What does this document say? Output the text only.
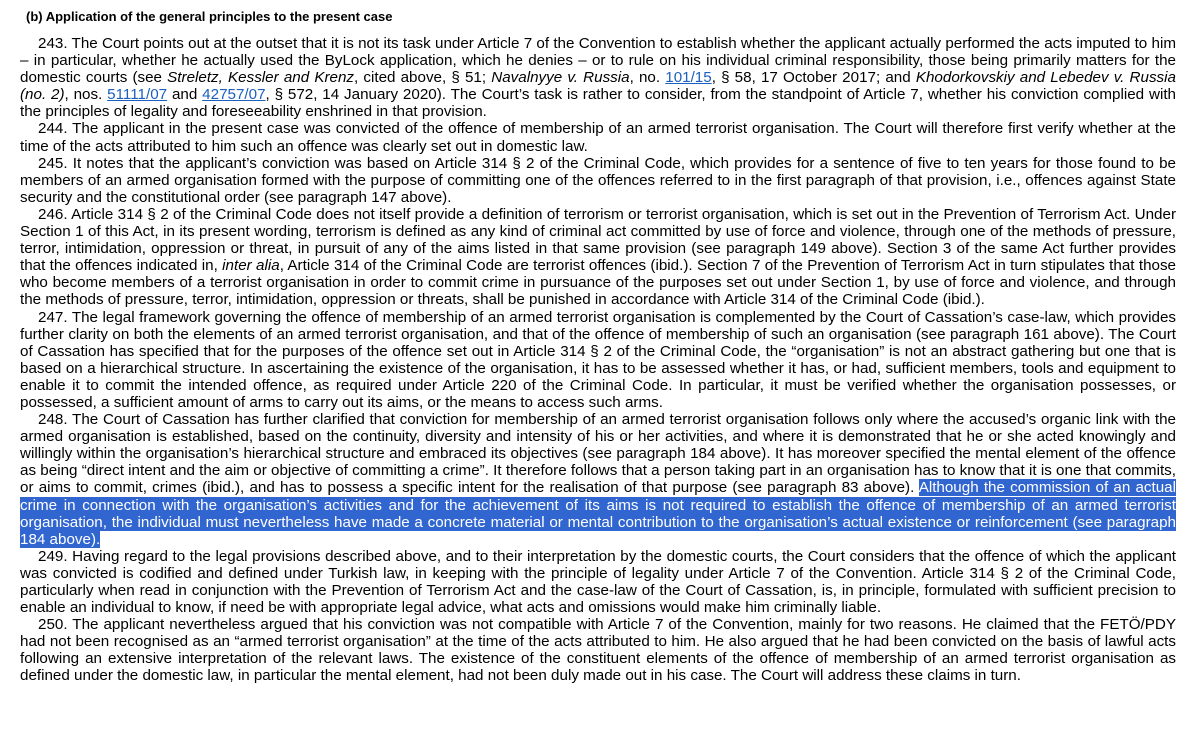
(b) Application of the general principles to the present case

243. The Court points out at the outset that it is not its task under Article 7 of the Convention to establish whether the applicant actually performed the acts imputed to him – in particular, whether he actually used the ByLock application, which he denies – or to rule on his individual criminal responsibility, those being primarily matters for the domestic courts (see Streletz, Kessler and Krenz, cited above, § 51; Navalnyye v. Russia, no. 101/15, § 58, 17 October 2017; and Khodorkovskiy and Lebedev v. Russia (no. 2), nos. 51111/07 and 42757/07, § 572, 14 January 2020). The Court’s task is rather to consider, from the standpoint of Article 7, whether his conviction complied with the principles of legality and foreseeability enshrined in that provision.

244. The applicant in the present case was convicted of the offence of membership of an armed terrorist organisation. The Court will therefore first verify whether at the time of the acts attributed to him such an offence was clearly set out in domestic law.

245. It notes that the applicant’s conviction was based on Article 314 § 2 of the Criminal Code, which provides for a sentence of five to ten years for those found to be members of an armed organisation formed with the purpose of committing one of the offences referred to in the first paragraph of that provision, i.e., offences against State security and the constitutional order (see paragraph 147 above).

246. Article 314 § 2 of the Criminal Code does not itself provide a definition of terrorism or terrorist organisation, which is set out in the Prevention of Terrorism Act. Under Section 1 of this Act, in its present wording, terrorism is defined as any kind of criminal act committed by use of force and violence, through one of the methods of pressure, terror, intimidation, oppression or threat, in pursuit of any of the aims listed in that same provision (see paragraph 149 above). Section 3 of the same Act further provides that the offences indicated in, inter alia, Article 314 of the Criminal Code are terrorist offences (ibid.). Section 7 of the Prevention of Terrorism Act in turn stipulates that those who become members of a terrorist organisation in order to commit crime in pursuance of the purposes set out under Section 1, by use of force and violence, and through the methods of pressure, terror, intimidation, oppression or threats, shall be punished in accordance with Article 314 of the Criminal Code (ibid.).

247. The legal framework governing the offence of membership of an armed terrorist organisation is complemented by the Court of Cassation’s case-law, which provides further clarity on both the elements of an armed terrorist organisation, and that of the offence of membership of such an organisation (see paragraph 161 above). The Court of Cassation has specified that for the purposes of the offence set out in Article 314 § 2 of the Criminal Code, the “organisation” is not an abstract gathering but one that is based on a hierarchical structure. In ascertaining the existence of the organisation, it has to be assessed whether it has, or had, sufficient members, tools and equipment to enable it to commit the intended offence, as required under Article 220 of the Criminal Code. In particular, it must be verified whether the organisation possesses, or possessed, a sufficient amount of arms to carry out its aims, or the means to access such arms.

248. The Court of Cassation has further clarified that conviction for membership of an armed terrorist organisation follows only where the accused’s organic link with the armed organisation is established, based on the continuity, diversity and intensity of his or her activities, and where it is demonstrated that he or she acted knowingly and willingly within the organisation’s hierarchical structure and embraced its objectives (see paragraph 184 above). It has moreover specified the mental element of the offence as being “direct intent and the aim or objective of committing a crime”. It therefore follows that a person taking part in an organisation has to know that it is one that commits, or aims to commit, crimes (ibid.), and has to possess a specific intent for the realisation of that purpose (see paragraph 83 above). Although the commission of an actual crime in connection with the organisation’s activities and for the achievement of its aims is not required to establish the offence of membership of an armed terrorist organisation, the individual must nevertheless have made a concrete material or mental contribution to the organisation’s actual existence or reinforcement (see paragraph 184 above).

249. Having regard to the legal provisions described above, and to their interpretation by the domestic courts, the Court considers that the offence of which the applicant was convicted is codified and defined under Turkish law, in keeping with the principle of legality under Article 7 of the Convention. Article 314 § 2 of the Criminal Code, particularly when read in conjunction with the Prevention of Terrorism Act and the case-law of the Court of Cassation, is, in principle, formulated with sufficient precision to enable an individual to know, if need be with appropriate legal advice, what acts and omissions would make him criminally liable.

250. The applicant nevertheless argued that his conviction was not compatible with Article 7 of the Convention, mainly for two reasons. He claimed that the FETÖ/PDY had not been recognised as an “armed terrorist organisation” at the time of the acts attributed to him. He also argued that he had been convicted on the basis of lawful acts following an extensive interpretation of the relevant laws. The existence of the constituent elements of the offence of membership of an armed terrorist organisation as defined under the domestic law, in particular the mental element, had not been duly made out in his case. The Court will address these claims in turn.
